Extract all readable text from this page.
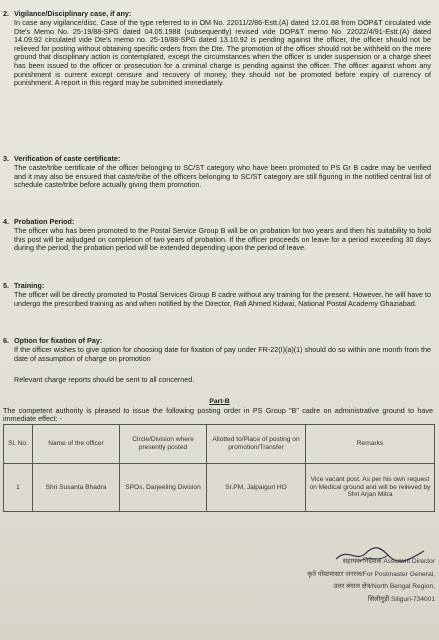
2. Vigilance/Disciplinary case, if any:
In case any vigilance/disc. Case of the type referred to in OM No. 22011/2/86-Estt.(A) dated 12.01.88 from DOP&T circulated vide Dte's Memo No. 25-19/88-SPG dated 04.05.1988 (subsequently) revised vide DOP&T memo No. 22022/4/91-Estt.(A) dated 14.09.92 circulated vide Dte's memo no. 25-19/88-SPG dated 13.10.92 is pending against the officer, the officer should not be relieved for posting without obtaining specific orders from the Dte. The promotion of the officer should not be withheld on the mere ground that disciplinary action is contemplated, except the circumstances when the officer is under suspension or a charge sheet has been issued to the officer or prosecution for a criminal charge is pending against the officer. The officer against whom any punishment is current except censure and recovery of money, they should not be promoted before expiry of currency of punishment. A report in this regard may be submitted immediately.
3. Verification of caste certificate:
The caste/tribe certificate of the officer belonging to SC/ST category who have been promoted to PS Gr B cadre may be verified and it may also be ensured that caste/tribe of the officers belonging to SC/ST category are still figuring in the notified central list of schedule caste/tribe before actually giving them promotion.
4. Probation Period:
The officer who has been promoted to the Postal Service Group B will be on probation for two years and then his suitability to hold this post will be adjudged on completion of two years of probation. If the officer proceeds on leave for a period exceeding 30 days during the period, the probation period will be extended depending upon the period of leave.
5. Training:
The officer will be directly promoted to Postal Services Group B cadre without any training for the present. However, he will have to undergo the prescribed training as and when notified by the Director, Rafi Ahmed Kidwai, National Postal Academy Ghaziabad.
6. Option for fixation of Pay:
If the officer wishes to give option for choosing date for fixation of pay under FR-22(I)(a)(1) should do so within one month from the date of assumption of charge on promotion
Relevant charge reports should be sent to all concerned.
Part-B
The competent authority is pleased to issue the following posting order in PS Group "B" cadre on administrative ground to have immediate effect: -
Sl. No.	Name of the officer	Circle/Division where presently posted	Allotted to/Place of posting on promotion/Transfer	Remarks
1	Shri Susanta Bhadra	SPOs, Darjeeling Division	Sr.PM, Jalpaiguri HO	Vice vacant post. As per his own request on Medical ground and will be relieved by Shri Arjan Mitra
सहायक निदेशक Assistant Director
कृते पोस्टमास्टर जनरल/For Postmaster General,
उत्तर बंगाल क्षेत्र/North Bengal Region,
सिलीगुड़ी Siliguri-734001
